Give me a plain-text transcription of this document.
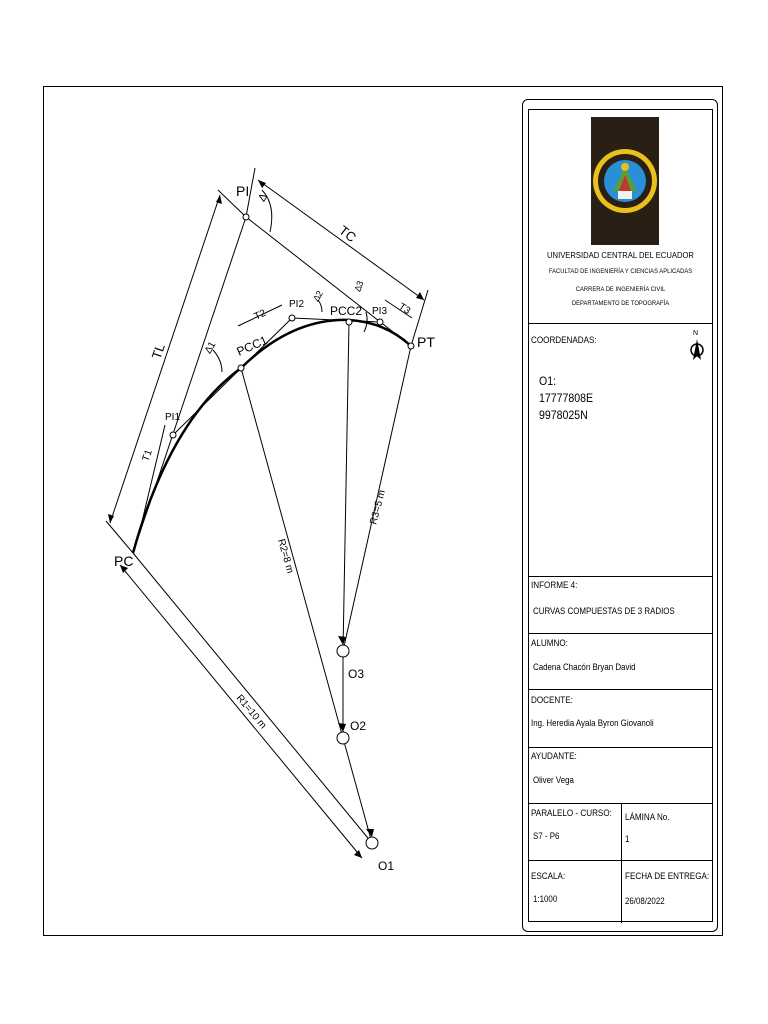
PI
PC
PT
PI1
PI2
PI3
PCC1
PCC2
O1
O2
O3
TL
TC
T1
T2	T3
∆
∆1
∆2
∆3
R1=10 m
R2=8 m
R3=5 m
UNIVERSIDAD CENTRAL DEL ECUADOR
FACULTAD DE INGENIERÍA Y CIENCIAS APLICADAS
CARRERA DE INGENIERÍA CIVIL
DEPARTAMENTO DE TOPOGRAFÍA
COORDENADAS:
N
O1:
17777808E
9978025N
INFORME 4:
CURVAS COMPUESTAS DE 3 RADIOS
ALUMNO:
Cadena Chacón Bryan David
DOCENTE:
Ing. Heredia Ayala Byron Giovanoli
AYUDANTE:
Oliver Vega
PARALELO - CURSO:
S7 - P6
LÁMINA No.
1
ESCALA:
1:1000
FECHA DE ENTREGA:
26/08/2022
